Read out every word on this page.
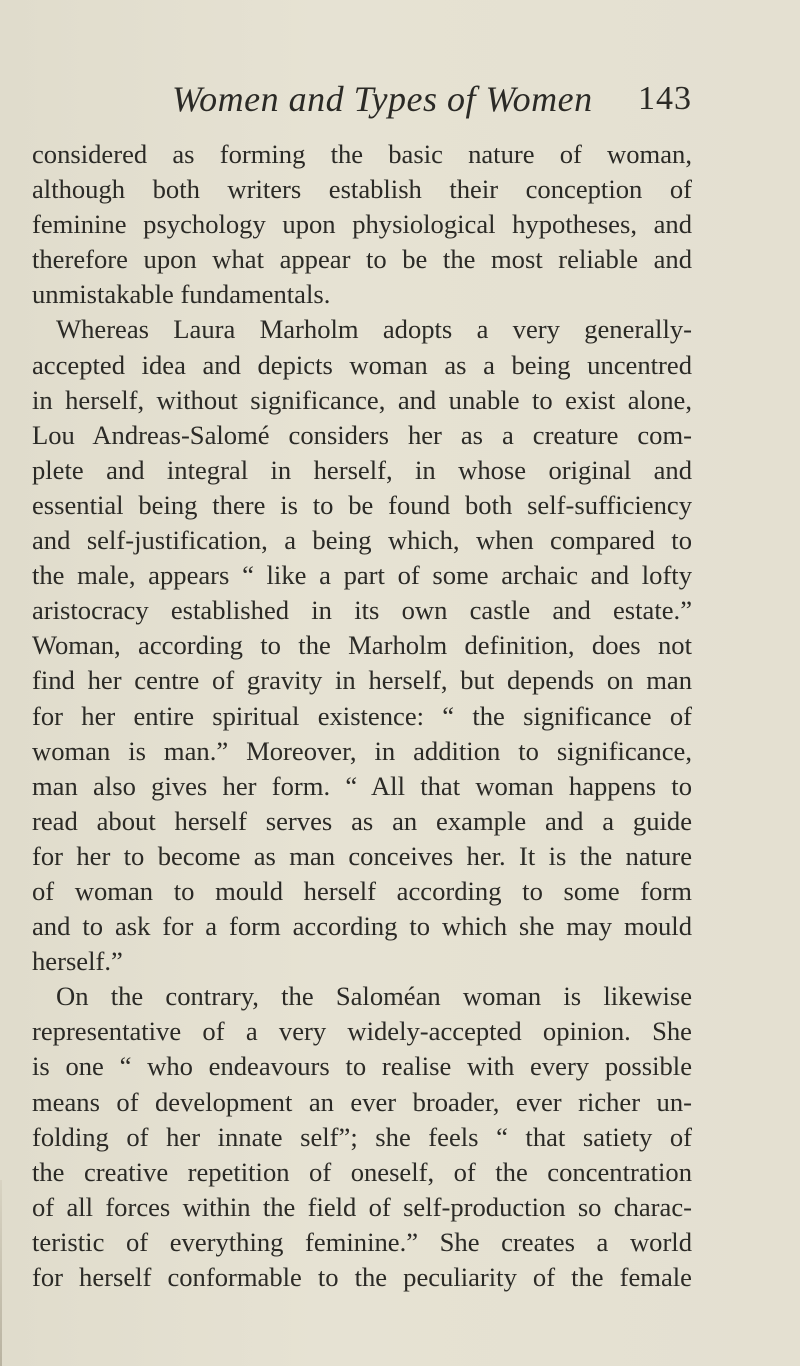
Women and Types of Women 143
considered as forming the basic nature of woman,
although both writers establish their conception of
feminine psychology upon physiological hypotheses, and
therefore upon what appear to be the most reliable and
unmistakable fundamentals.
Whereas Laura Marholm adopts a very generally-
accepted idea and depicts woman as a being uncentred
in herself, without significance, and unable to exist alone,
Lou Andreas-Salomé considers her as a creature com-
plete and integral in herself, in whose original and
essential being there is to be found both self-sufficiency
and self-justification, a being which, when compared to
the male, appears “ like a part of some archaic and lofty
aristocracy established in its own castle and estate.”
Woman, according to the Marholm definition, does not
find her centre of gravity in herself, but depends on man
for her entire spiritual existence: “ the significance of
woman is man.” Moreover, in addition to significance,
man also gives her form. “ All that woman happens to
read about herself serves as an example and a guide
for her to become as man conceives her. It is the nature
of woman to mould herself according to some form
and to ask for a form according to which she may mould
herself.”
On the contrary, the Saloméan woman is likewise
representative of a very widely-accepted opinion. She
is one “ who endeavours to realise with every possible
means of development an ever broader, ever richer un-
folding of her innate self”; she feels “ that satiety of
the creative repetition of oneself, of the concentration
of all forces within the field of self-production so charac-
teristic of everything feminine.” She creates a world
for herself conformable to the peculiarity of the female
